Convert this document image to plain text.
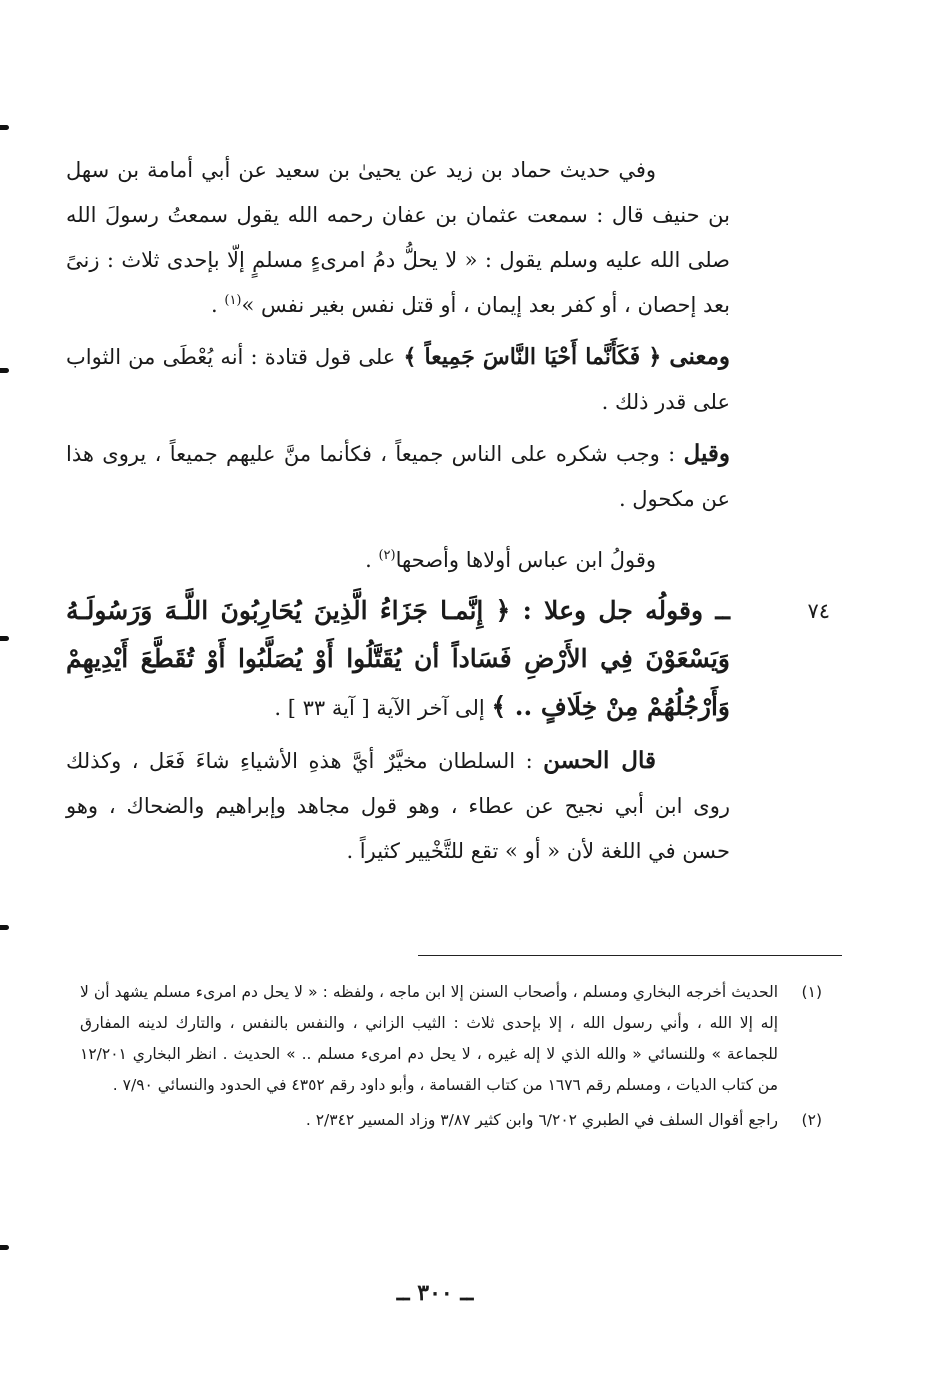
وفي حديث حماد بن زيد عن يحيىٰ بن سعيد عن أبي أمامة بن سهل بن حنيف قال : سمعت عثمان بن عفان رحمه الله يقول سمعتُ رسولَ الله صلى الله عليه وسلم يقول : « لا يحلُّ دمُ امرىءٍ مسلمٍ إلّا بإحدى ثلاث : زنىً بعد إحصان ، أو كفر بعد إيمان ، أو قتل نفس بغير نفس »$^{(١)}$ .

ومعنى ﴿ فَكَأَنَّما أَحْيَا النَّاسَ جَمِيعاً ﴾ على قول قتادة : أنه يُعْطَى من الثواب على قدر ذلك .

وقيل : وجب شكره على الناس جميعاً ، فكأنما منَّ عليهم جميعاً ، يروى هذا عن مكحول .

وقولُ ابن عباس أولاها وأصحها$^{(٢)}$ .

٧٤
ــ وقولُه جل وعلا : ﴿ إِنَّمـا جَزَاءُ الَّذِينَ يُحَارِبُونَ اللَّـهَ وَرَسُولَـهُ وَيَسْعَوْنَ فِي الأَرْضِ فَسَاداً أن يُقَتَّلُوا أَوْ يُصَلَّبُوا أَوْ تُقَطَّعَ أَيْدِيهِمْ وَأَرْجُلُهُمْ مِنْ خِلَافٍ .. ﴾ إلى آخر الآية [ آية ٣٣ ] .

قال الحسن : السلطان مخيَّرٌ أيَّ هذهِ الأشياءِ شاءَ فَعَل ، وكذلك روى ابن أبي نجيح عن عطاء ، وهو قول مجاهد وإبراهيم والضحاك ، وهو حسن في اللغة لأن « أو » تقع للتَّخْيير كثيراً .

(١)
الحديث أخرجه البخاري ومسلم ، وأصحاب السنن إلا ابن ماجه ، ولفظه : « لا يحل دم امرىء مسلم يشهد أن لا إله إلا الله ، وأني رسول الله ، إلا بإحدى ثلاث : الثيب الزاني ، والنفس بالنفس ، والتارك لدينه المفارق للجماعة » وللنسائي « والله الذي لا إله غيره ، لا يحل دم امرىء مسلم .. » الحديث . انظر البخاري ١٢/٢٠١ من كتاب الديات ، ومسلم رقم ١٦٧٦ من كتاب القسامة ، وأبو داود رقم ٤٣٥٢ في الحدود والنسائي ٧/٩٠ .
(٢)
راجع أقوال السلف في الطبري ٦/٢٠٢ وابن كثير ٣/٨٧ وزاد المسير ٢/٣٤٢ .
ــ ٣٠٠ ــ
